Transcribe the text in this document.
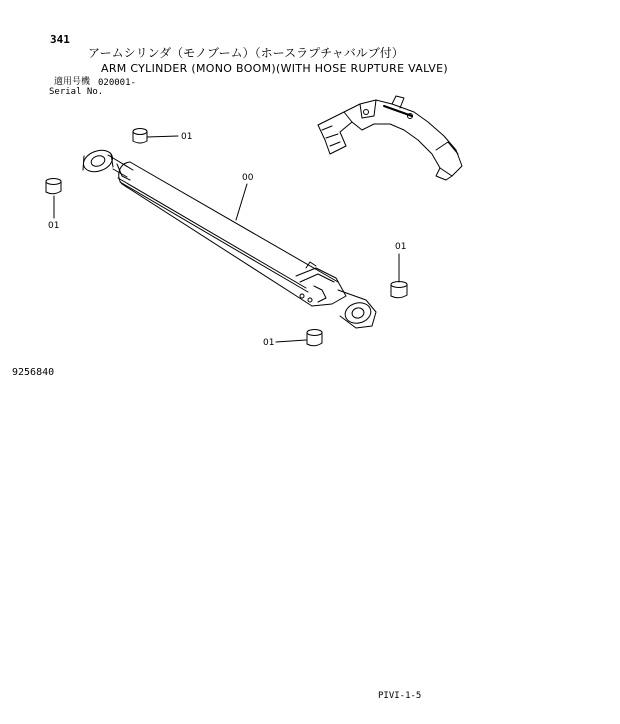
341
アームシリンダ（モノブーム）（ホースラプチャバルブ付）
ARM CYLINDER (MONO BOOM)(WITH HOSE RUPTURE VALVE)
適用号機 020001-
Serial No.
01
01
00
01
01
9256840
PIVI-1-5
